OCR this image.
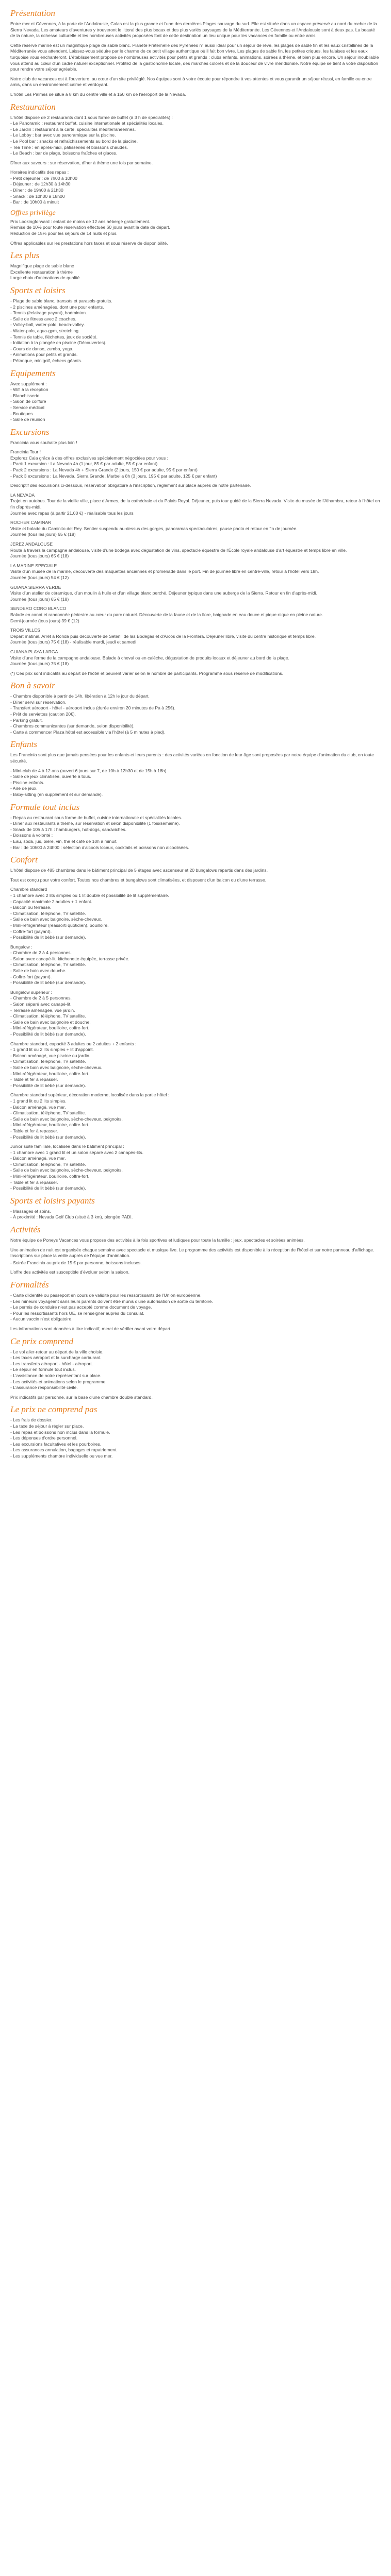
Présentation

Entre mer et Cévennes, à la porte de l'Andalousie, Calas est la plus grande et l'une des dernières Plages sauvage du sud. Elle est située dans un espace préservé au nord du rocher de la Sierra Nevada. Les amateurs d'aventures y trouveront le littoral des plus beaux et des plus variés paysages de la Méditerranée. Les Cévennes et l'Andalousie sont à deux pas. La beauté de la nature, la richesse culturelle et les nombreuses activités proposées font de cette destination un lieu unique pour les vacances en famille ou entre amis.

Cette réserve marine est un magnifique plage de sable blanc. Planète Fraternelle des Pyrénées n° aussi idéal pour un séjour de rêve, les plages de sable fin et les eaux cristallines de la Méditerranée vous attendent. Laissez-vous séduire par le charme de ce petit village authentique où il fait bon vivre. Les plages de sable fin, les petites criques, les falaises et les eaux turquoise vous enchanteront. L'établissement propose de nombreuses activités pour petits et grands : clubs enfants, animations, soirées à thème, et bien plus encore. Un séjour inoubliable vous attend au cœur d'un cadre naturel exceptionnel. Profitez de la gastronomie locale, des marchés colorés et de la douceur de vivre méridionale. Notre équipe se tient à votre disposition pour rendre votre séjour agréable.

Notre club de vacances est à l'ouverture, au cœur d'un site privilégié. Nos équipes sont à votre écoute pour répondre à vos attentes et vous garantir un séjour réussi, en famille ou entre amis, dans un environnement calme et verdoyant.

L'hôtel Les Palmes se situe à 8 km du centre ville et à 150 km de l'aéroport de la Nevada.

Restauration

L'hôtel dispose de 2 restaurants dont 1 sous forme de buffet (à 3 h de spécialités) :

- Le Panoramic : restaurant buffet, cuisine internationale et spécialités locales.

- Le Jardin : restaurant à la carte, spécialités méditerranéennes.

- Le Lobby : bar avec vue panoramique sur la piscine.

- Le Pool bar : snacks et rafraîchissements au bord de la piscine.

- Tea Time : en après-midi, pâtisseries et boissons chaudes.

- Le Beach : bar de plage, boissons fraîches et glaces.

Dîner aux saveurs : sur réservation, dîner à thème une fois par semaine.

Horaires indicatifs des repas :

- Petit déjeuner : de 7h00 à 10h00

- Déjeuner : de 12h30 à 14h30

- Dîner : de 19h00 à 21h30

- Snack : de 10h00 à 18h00

- Bar : de 10h00 à minuit

Offres privilège

Prix Lookingforward : enfant de moins de 12 ans hébergé gratuitement.

Remise de 10% pour toute réservation effectuée 60 jours avant la date de départ.

Réduction de 15% pour les séjours de 14 nuits et plus.

Offres applicables sur les prestations hors taxes et sous réserve de disponibilité.

Les plus

Magnifique plage de sable blanc

Excellente restauration à thème

Large choix d'animations de qualité

Sports et loisirs

- Plage de sable blanc, transats et parasols gratuits.

- 2 piscines aménagées, dont une pour enfants.

- Tennis (éclairage payant), badminton.

- Salle de fitness avec 2 coaches.

- Volley-ball, water-polo, beach-volley.

- Water-polo, aqua-gym, stretching.

- Tennis de table, fléchettes, jeux de société.

- Initiation à la plongée en piscine (Découvertes).

- Cours de danse, zumba, yoga.

- Animations pour petits et grands.

- Pétanque, minigolf, échecs géants.

Equipements

Avec supplément :

- Wifi à la réception

- Blanchisserie

- Salon de coiffure

- Service médical

- Boutiques

- Salle de réunion

Excursions

Francinia vous souhaite plus loin !

Francinia Tour !

Explorez Cala grâce à des offres exclusives spécialement négociées pour vous :

- Pack 1 excursion : La Nevada 4h (1 jour, 85 € par adulte, 55 € par enfant)

- Pack 2 excursions : La Nevada 4h + Sierra Grande (2 jours, 150 € par adulte, 95 € par enfant)

- Pack 3 excursions : La Nevada, Sierra Grande, Marbella 8h (3 jours, 195 € par adulte, 125 € par enfant)

Descriptif des excursions ci-dessous, réservation obligatoire à l'inscription, règlement sur place auprès de notre partenaire.

LA NEVADA

Trajet en autobus. Tour de la vieille ville, place d'Armes, de la cathédrale et du Palais Royal. Déjeuner, puis tour guidé de la Sierra Nevada. Visite du musée de l'Alhambra, retour à l'hôtel en fin d'après-midi.

Journée avec repas (à partir 21,00 €) - réalisable tous les jours

ROCHER CAMINAR

Visite et balade du Caminito del Rey. Sentier suspendu au-dessus des gorges, panoramas spectaculaires, pause photo et retour en fin de journée.

Journée (tous les jours) 65 € (18)

JEREZ ANDALOUSE

Route à travers la campagne andalouse, visite d'une bodega avec dégustation de vins, spectacle équestre de l'École royale andalouse d'art équestre et temps libre en ville.

Journée (tous jours) 65 € (18)

LA MARINE SPECIALE

Visite d'un musée de la marine, découverte des maquettes anciennes et promenade dans le port. Fin de journée libre en centre-ville, retour à l'hôtel vers 18h.

Journée (tous jours) 54 € (12)

GUIANA SIERRA VERDE

Visite d'un atelier de céramique, d'un moulin à huile et d'un village blanc perché. Déjeuner typique dans une auberge de la Sierra. Retour en fin d'après-midi.

Journée (tous jours) 65 € (18)

SENDERO CORO BLANCO

Balade en canot et randonnée pédestre au cœur du parc naturel. Découverte de la faune et de la flore, baignade en eau douce et pique-nique en pleine nature.

Demi-journée (tous jours) 39 € (12)

TROIS VILLES

Départ matinal. Arrêt à Ronda puis découverte de Setenil de las Bodegas et d'Arcos de la Frontera. Déjeuner libre, visite du centre historique et temps libre.

Journée (tous jours) 75 € (18) - réalisable mardi, jeudi et samedi

GUIANA PLAYA LARGA

Visite d'une ferme de la campagne andalouse. Balade à cheval ou en calèche, dégustation de produits locaux et déjeuner au bord de la plage.

Journée (tous jours) 75 € (18)

(*) Ces prix sont indicatifs au départ de l'hôtel et peuvent varier selon le nombre de participants. Programme sous réserve de modifications.

Bon à savoir

- Chambre disponible à partir de 14h, libération à 12h le jour du départ.

- Dîner servi sur réservation.

- Transfert aéroport - hôtel - aéroport inclus (durée environ 20 minutes de Pa à 25€).

- Prêt de serviettes (caution 20€).

- Parking gratuit.

- Chambres communicantes (sur demande, selon disponibilité).

- Carte à commencer Plaza hôtel est accessible via l'hôtel (à 5 minutes à pied).

Enfants

Les Francinia sont plus que jamais pensées pour les enfants et leurs parents : des activités variées en fonction de leur âge sont proposées par notre équipe d'animation du club, en toute sécurité.

- Mini-club de 4 à 12 ans (ouvert 6 jours sur 7, de 10h à 12h30 et de 15h à 18h).

- Salle de jeux climatisée, ouverte à tous.

- Piscine enfants.

- Aire de jeux.

- Baby-sitting (en supplément et sur demande).

Formule tout inclus

- Repas au restaurant sous forme de buffet, cuisine internationale et spécialités locales.

- Dîner aux restaurants à thème, sur réservation et selon disponibilité (1 fois/semaine).

- Snack de 10h à 17h : hamburgers, hot-dogs, sandwiches.

- Boissons à volonté :

- Eau, soda, jus, bière, vin, thé et café de 10h à minuit.

- Bar : de 10h00 à 24h00 : sélection d'alcools locaux, cocktails et boissons non alcoolisées.

Confort

L'hôtel dispose de 485 chambres dans le bâtiment principal de 5 étages avec ascenseur et 20 bungalows répartis dans des jardins.

Tout est conçu pour votre confort. Toutes nos chambres et bungalows sont climatisées, et disposent d'un balcon ou d'une terrasse.

Chambre standard

- 1 chambre avec 2 lits simples ou 1 lit double et possibilité de lit supplémentaire.

- Capacité maximale 2 adultes + 1 enfant.

- Balcon ou terrasse.

- Climatisation, téléphone, TV satellite.

- Salle de bain avec baignoire, sèche-cheveux.

- Mini-réfrigérateur (réassorti quotidien), bouilloire.

- Coffre-fort (payant).

- Possibilité de lit bébé (sur demande).

Bungalow :

- Chambre de 2 à 4 personnes.

- Salon avec canapé-lit, kitchenette équipée, terrasse privée.

- Climatisation, téléphone, TV satellite.

- Salle de bain avec douche.

- Coffre-fort (payant).

- Possibilité de lit bébé (sur demande).

Bungalow supérieur :

- Chambre de 2 à 5 personnes.

- Salon séparé avec canapé-lit.

- Terrasse aménagée, vue jardin.

- Climatisation, téléphone, TV satellite.

- Salle de bain avec baignoire et douche.

- Mini-réfrigérateur, bouilloire, coffre-fort.

- Possibilité de lit bébé (sur demande).

Chambre standard, capacité 3 adultes ou 2 adultes + 2 enfants :

- 1 grand lit ou 2 lits simples + lit d'appoint.

- Balcon aménagé, vue piscine ou jardin.

- Climatisation, téléphone, TV satellite.

- Salle de bain avec baignoire, sèche-cheveux.

- Mini-réfrigérateur, bouilloire, coffre-fort.

- Table et fer à repasser.

- Possibilité de lit bébé (sur demande).

Chambre standard supérieur, décoration moderne, localisée dans la partie hôtel :

- 1 grand lit ou 2 lits simples.

- Balcon aménagé, vue mer.

- Climatisation, téléphone, TV satellite.

- Salle de bain avec baignoire, sèche-cheveux, peignoirs.

- Mini-réfrigérateur, bouilloire, coffre-fort.

- Table et fer à repasser.

- Possibilité de lit bébé (sur demande).

Junior suite familiale, localisée dans le bâtiment principal :

- 1 chambre avec 1 grand lit et un salon séparé avec 2 canapés-lits.

- Balcon aménagé, vue mer.

- Climatisation, téléphone, TV satellite.

- Salle de bain avec baignoire, sèche-cheveux, peignoirs.

- Mini-réfrigérateur, bouilloire, coffre-fort.

- Table et fer à repasser.

- Possibilité de lit bébé (sur demande).

Sports et loisirs payants

- Massages et soins.

- À proximité : Nevada Golf Club (situé à 3 km), plongée PADI.

Activités

Notre équipe de Poneys Vacances vous propose des activités à la fois sportives et ludiques pour toute la famille : jeux, spectacles et soirées animées.

Une animation de nuit est organisée chaque semaine avec spectacle et musique live. Le programme des activités est disponible à la réception de l'hôtel et sur notre panneau d'affichage. Inscriptions sur place la veille auprès de l'équipe d'animation.

- Soirée Francinia au prix de 15 € par personne, boissons incluses.

L'offre des activités est susceptible d'évoluer selon la saison.

Formalités

- Carte d'identité ou passeport en cours de validité pour les ressortissants de l'Union européenne.

- Les mineurs voyageant sans leurs parents doivent être munis d'une autorisation de sortie du territoire.

- Le permis de conduire n'est pas accepté comme document de voyage.

- Pour les ressortissants hors UE, se renseigner auprès du consulat.

- Aucun vaccin n'est obligatoire.

Les informations sont données à titre indicatif, merci de vérifier avant votre départ.

Ce prix comprend

- Le vol aller-retour au départ de la ville choisie.

- Les taxes aéroport et la surcharge carburant.

- Les transferts aéroport - hôtel - aéroport.

- Le séjour en formule tout inclus.

- L'assistance de notre représentant sur place.

- Les activités et animations selon le programme.

- L'assurance responsabilité civile.

Prix indicatifs par personne, sur la base d'une chambre double standard.

Le prix ne comprend pas

- Les frais de dossier.

- La taxe de séjour à régler sur place.

- Les repas et boissons non inclus dans la formule.

- Les dépenses d'ordre personnel.

- Les excursions facultatives et les pourboires.

- Les assurances annulation, bagages et rapatriement.

- Les suppléments chambre individuelle ou vue mer.
